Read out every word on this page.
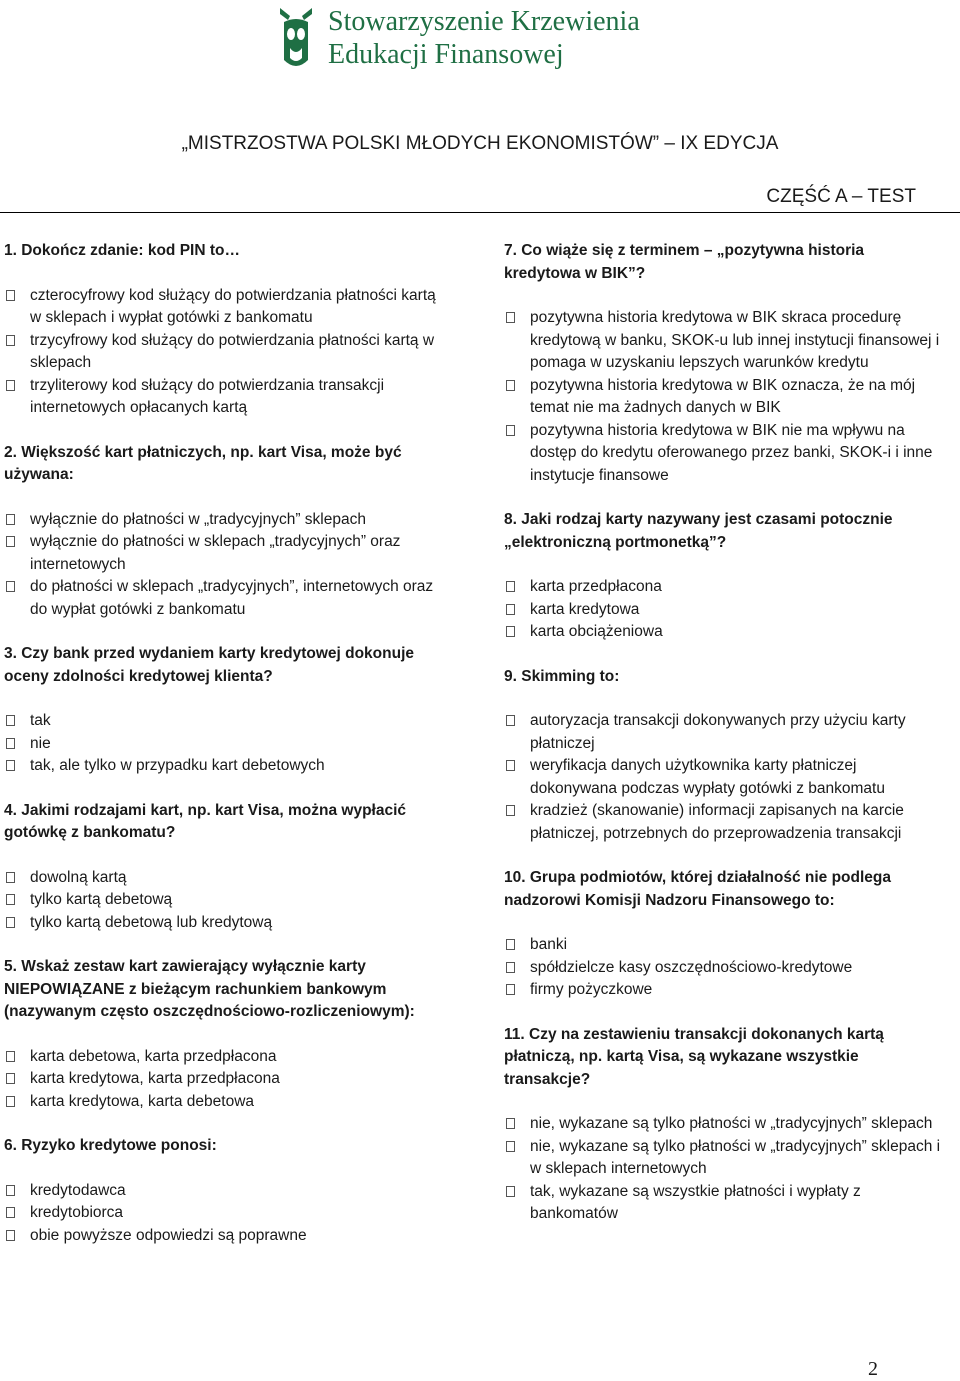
Stowarzyszenie Krzewienia
Edukacji Finansowej
„MISTRZOSTWA POLSKI MŁODYCH EKONOMISTÓW” – IX EDYCJA
CZĘŚĆ A – TEST
1. Dokończ zdanie: kod PIN to…
czterocyfrowy kod służący do potwierdzania płatności kartą w sklepach i wypłat gotówki z bankomatu
trzycyfrowy kod służący do potwierdzania płatności kartą w sklepach
trzyliterowy kod służący do potwierdzania transakcji internetowych opłacanych kartą
2. Większość kart płatniczych, np. kart Visa, może być używana:
wyłącznie do płatności w „tradycyjnych” sklepach
wyłącznie do płatności w sklepach „tradycyjnych” oraz internetowych
do płatności w sklepach „tradycyjnych”, internetowych oraz do wypłat gotówki z bankomatu
3. Czy bank przed wydaniem karty kredytowej dokonuje oceny zdolności kredytowej klienta?
tak
nie
tak, ale tylko w przypadku kart debetowych
4. Jakimi rodzajami kart, np. kart Visa, można wypłacić gotówkę z bankomatu?
dowolną kartą
tylko kartą debetową
tylko kartą debetową lub kredytową
5. Wskaż zestaw kart zawierający wyłącznie karty NIEPOWIĄZANE z bieżącym rachunkiem bankowym (nazywanym często oszczędnościowo-rozliczeniowym):
karta debetowa, karta przedpłacona
karta kredytowa, karta przedpłacona
karta kredytowa, karta debetowa
6. Ryzyko kredytowe ponosi:
kredytodawca
kredytobiorca
obie powyższe odpowiedzi są poprawne
7. Co wiąże się z terminem – „pozytywna historia kredytowa w BIK”?
pozytywna historia kredytowa w BIK skraca procedurę kredytową w banku, SKOK-u lub innej instytucji finansowej i pomaga w uzyskaniu lepszych warunków kredytu
pozytywna historia kredytowa w BIK oznacza, że na mój temat nie ma żadnych danych w BIK
pozytywna historia kredytowa w BIK nie ma wpływu na dostęp do kredytu oferowanego przez banki, SKOK-i i inne instytucje finansowe
8. Jaki rodzaj karty nazywany jest czasami potocznie „elektroniczną portmonetką”?
karta przedpłacona
karta kredytowa
karta obciążeniowa
9. Skimming to:
autoryzacja transakcji dokonywanych przy użyciu karty płatniczej
weryfikacja danych użytkownika karty płatniczej dokonywana podczas wypłaty gotówki z bankomatu
kradzież (skanowanie) informacji zapisanych na karcie płatniczej, potrzebnych do przeprowadzenia transakcji
10. Grupa podmiotów, której działalność nie podlega nadzorowi Komisji Nadzoru Finansowego to:
banki
spółdzielcze kasy oszczędnościowo-kredytowe
firmy pożyczkowe
11. Czy na zestawieniu transakcji dokonanych kartą płatniczą, np. kartą Visa, są wykazane wszystkie transakcje?
nie, wykazane są tylko płatności w „tradycyjnych” sklepach
nie, wykazane są tylko płatności w „tradycyjnych” sklepach i w sklepach internetowych
tak, wykazane są wszystkie płatności i wypłaty z bankomatów
2
